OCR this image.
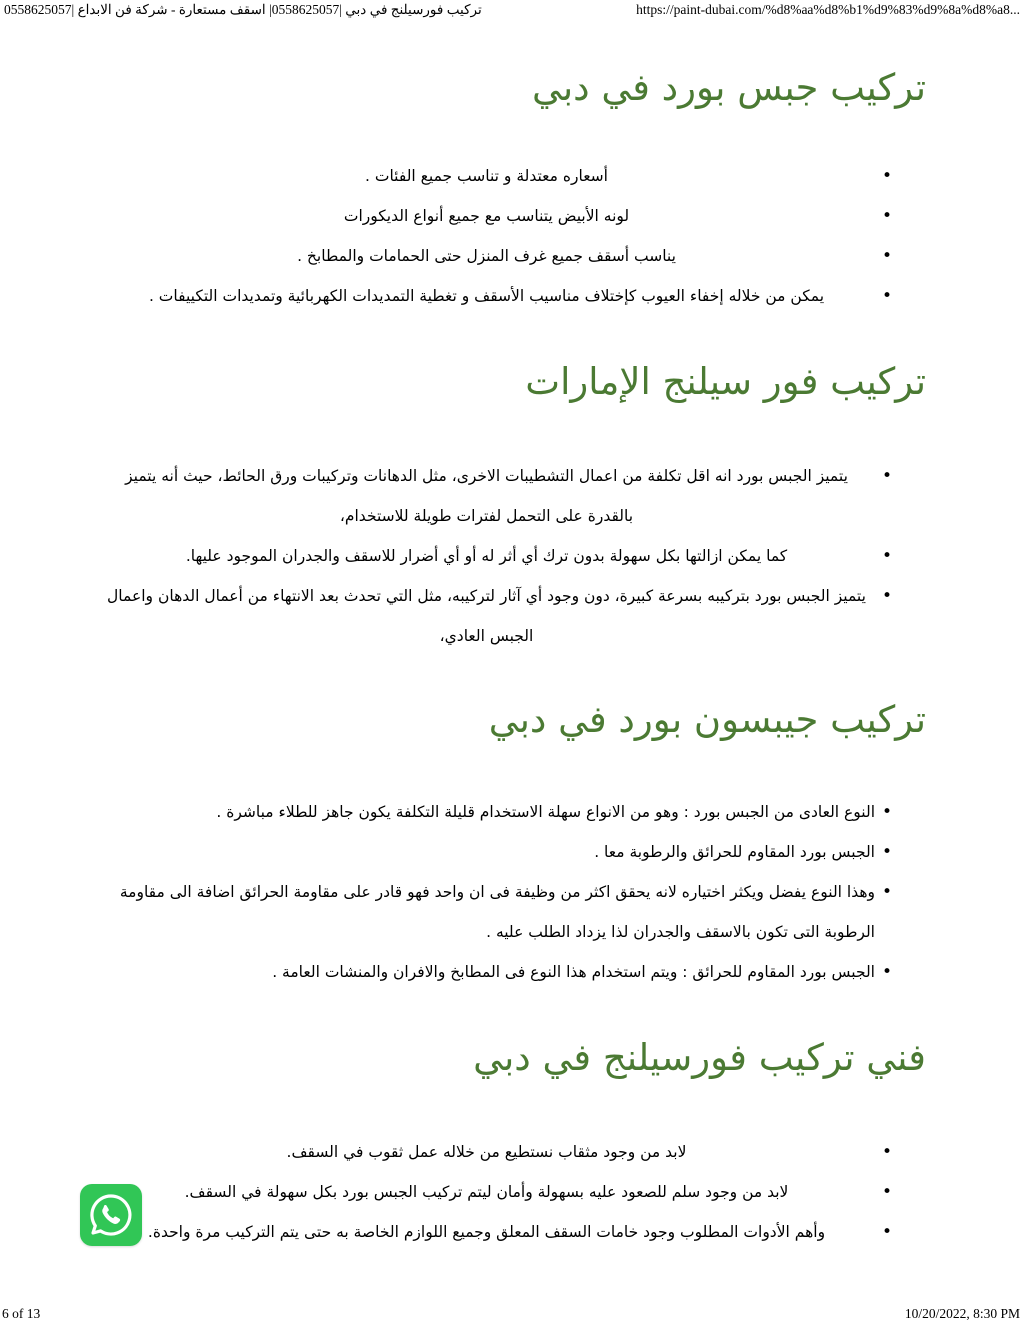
تركيب فورسيلنج في دبي |0558625057| اسقف مستعارة - شركة فن الابداع |0558625057	https://paint-dubai.com/%d8%aa%d8%b1%d9%83%d9%8a%d8%a8...
تركيب جبس بورد في دبي
• أسعاره معتدلة و تناسب جميع الفئات .
• لونه الأبيض يتناسب مع جميع أنواع الديكورات
• يناسب أسقف جميع غرف المنزل حتى الحمامات والمطابخ .
• يمكن من خلاله إخفاء العيوب كإختلاف مناسيب الأسقف و تغطية التمديدات الكهربائية وتمديدات التكييفات .
تركيب فور سيلنج الإمارات
• يتميز الجبس بورد انه اقل تكلفة من اعمال التشطيبات الاخرى، مثل الدهانات وتركيبات ورق الحائط، حيث أنه يتميز بالقدرة على التحمل لفترات طويلة للاستخدام،
• كما يمكن ازالتها بكل سهولة بدون ترك أي أثر له أو أي أضرار للاسقف والجدران الموجود عليها.
• يتميز الجبس بورد بتركيبه بسرعة كبيرة، دون وجود أي آثار لتركيبه، مثل التي تحدث بعد الانتهاء من أعمال الدهان واعمال الجبس العادي،
تركيب جيبسون بورد في دبي
• النوع العادى من الجبس بورد : وهو من الانواع سهلة الاستخدام قليلة التكلفة يكون جاهز للطلاء مباشرة .
• الجبس بورد المقاوم للحرائق والرطوبة معا .
• وهذا النوع يفضل ويكثر اختياره لانه يحقق اكثر من وظيفة فى ان واحد فهو قادر على مقاومة الحرائق اضافة الى مقاومة الرطوبة التى تكون بالاسقف والجدران لذا يزداد الطلب عليه .
• الجبس بورد المقاوم للحرائق : ويتم استخدام هذا النوع فى المطابخ والافران والمنشات العامة .
فني تركيب فورسيلنج في دبي
• لابد من وجود مثقاب نستطيع من خلاله عمل ثقوب في السقف.
• لابد من وجود سلم للصعود عليه بسهولة وأمان ليتم تركيب الجبس بورد بكل سهولة في السقف.
• وأهم الأدوات المطلوب وجود خامات السقف المعلق وجميع اللوازم الخاصة به حتى يتم التركيب مرة واحدة.
6 of 13	10/20/2022, 8:30 PM
